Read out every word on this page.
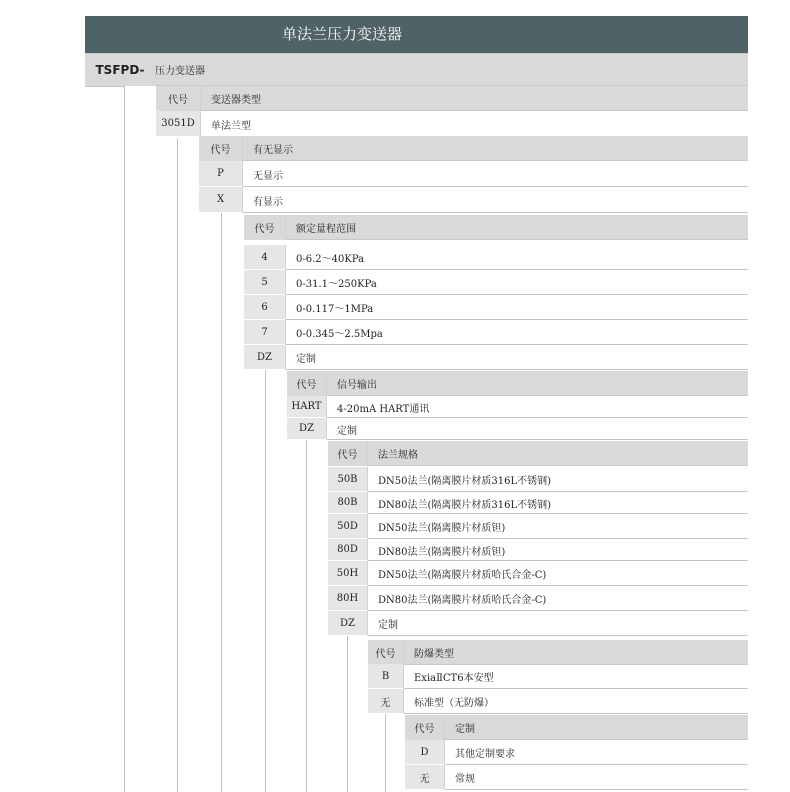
单法兰压力变送器
TSFPD-	压力变送器
代号	变送器类型
3051D	单法兰型
代号	有无显示
P	无显示
X	有显示
代号	额定量程范围
4	0-6.2～40KPa
5	0-31.1～250KPa
6	0-0.117～1MPa
7	0-0.345～2.5Mpa
DZ	定制
代号	信号输出
HART	4-20mA HART通讯
DZ	定制
代号	法兰规格
50B	DN50法兰(隔离膜片材质316L不锈钢)
80B	DN80法兰(隔离膜片材质316L不锈钢)
50D	DN50法兰(隔离膜片材质钽)
80D	DN80法兰(隔离膜片材质钽)
50H	DN50法兰(隔离膜片材质哈氏合金-C)
80H	DN80法兰(隔离膜片材质哈氏合金-C)
DZ	定制
代号	防爆类型
B	ExiaⅡCT6本安型
无	标准型（无防爆）
代号	定制
D	其他定制要求
无	常规
